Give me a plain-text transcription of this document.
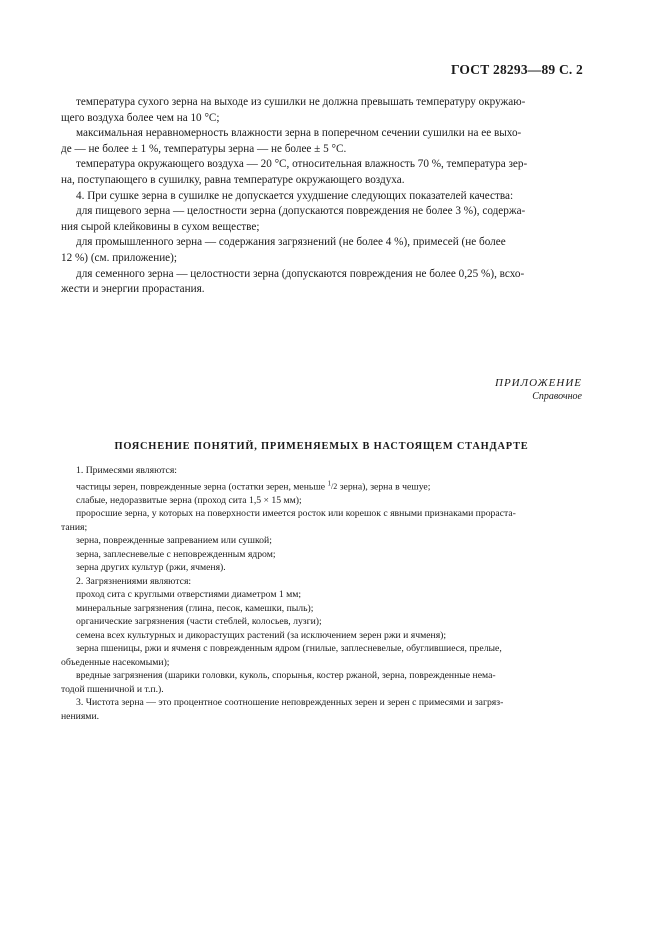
ГОСТ 28293—89 С. 2

температура сухого зерна на выходе из сушилки не должна превышать температуру окружаю-

щего воздуха более чем на 10 °С;

максимальная неравномерность влажности зерна в поперечном сечении сушилки на ее выхо-

де — не более ± 1 %, температуры зерна — не более ± 5 °С.

температура окружающего воздуха — 20 °С, относительная влажность 70 %, температура зер-

на, поступающего в сушилку, равна температуре окружающего воздуха.

4. При сушке зерна в сушилке не допускается ухудшение следующих показателей качества:

для пищевого зерна — целостности зерна (допускаются повреждения не более 3 %), содержа-

ния сырой клейковины в сухом веществе;

для промышленного зерна — содержания загрязнений (не более 4 %), примесей (не более

12 %) (см. приложение);

для семенного зерна — целостности зерна (допускаются повреждения не более 0,25 %), всхо-

жести и энергии прорастания.

ПРИЛОЖЕНИЕ
Справочное
ПОЯСНЕНИЕ ПОНЯТИЙ, ПРИМЕНЯЕМЫХ В НАСТОЯЩЕМ СТАНДАРТЕ

1. Примесями являются:

частицы зерен, поврежденные зерна (остатки зерен, меньше $^1$/2 зерна), зерна в чешуе;

слабые, недоразвитые зерна (проход сита 1,5 × 15 мм);

проросшие зерна, у которых на поверхности имеется росток или корешок с явными признаками прораста-

тания;

зерна, поврежденные запреванием или сушкой;

зерна, заплесневелые с неповрежденным ядром;

зерна других культур (ржи, ячменя).

2. Загрязнениями являются:

проход сита с круглыми отверстиями диаметром 1 мм;

минеральные загрязнения (глина, песок, камешки, пыль);

органические загрязнения (части стеблей, колосьев, лузги);

семена всех культурных и дикорастущих растений (за исключением зерен ржи и ячменя);

зерна пшеницы, ржи и ячменя с поврежденным ядром (гнилые, заплесневелые, обуглившиеся, прелые,

объеденные насекомыми);

вредные загрязнения (шарики головки, куколь, спорынья, костер ржаной, зерна, поврежденные нема-

тодой пшеничной и т.п.).

3. Чистота зерна — это процентное соотношение неповрежденных зерен и зерен с примесями и загряз-

нениями.
